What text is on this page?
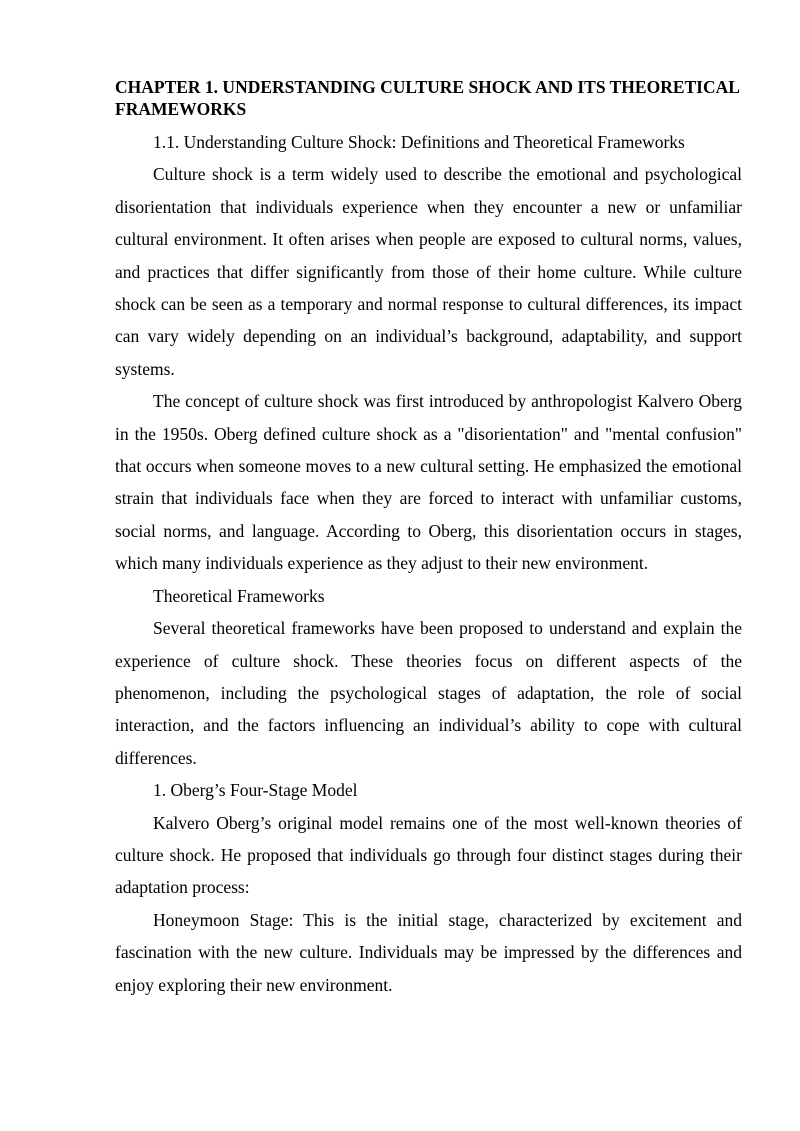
CHAPTER 1. UNDERSTANDING CULTURE SHOCK AND ITS THEORETICAL FRAMEWORKS

1.1. Understanding Culture Shock: Definitions and Theoretical Frameworks

Culture shock is a term widely used to describe the emotional and psychological disorientation that individuals experience when they encounter a new or unfamiliar cultural environment. It often arises when people are exposed to cultural norms, values, and practices that differ significantly from those of their home culture. While culture shock can be seen as a temporary and normal response to cultural differences, its impact can vary widely depending on an individual’s background, adaptability, and support systems.

The concept of culture shock was first introduced by anthropologist Kalvero Oberg in the 1950s. Oberg defined culture shock as a "disorientation" and "mental confusion" that occurs when someone moves to a new cultural setting. He emphasized the emotional strain that individuals face when they are forced to interact with unfamiliar customs, social norms, and language. According to Oberg, this disorientation occurs in stages, which many individuals experience as they adjust to their new environment.

Theoretical Frameworks

Several theoretical frameworks have been proposed to understand and explain the experience of culture shock. These theories focus on different aspects of the phenomenon, including the psychological stages of adaptation, the role of social interaction, and the factors influencing an individual’s ability to cope with cultural differences.

1. Oberg’s Four-Stage Model

Kalvero Oberg’s original model remains one of the most well-known theories of culture shock. He proposed that individuals go through four distinct stages during their adaptation process:

Honeymoon Stage: This is the initial stage, characterized by excitement and fascination with the new culture. Individuals may be impressed by the differences and enjoy exploring their new environment.
